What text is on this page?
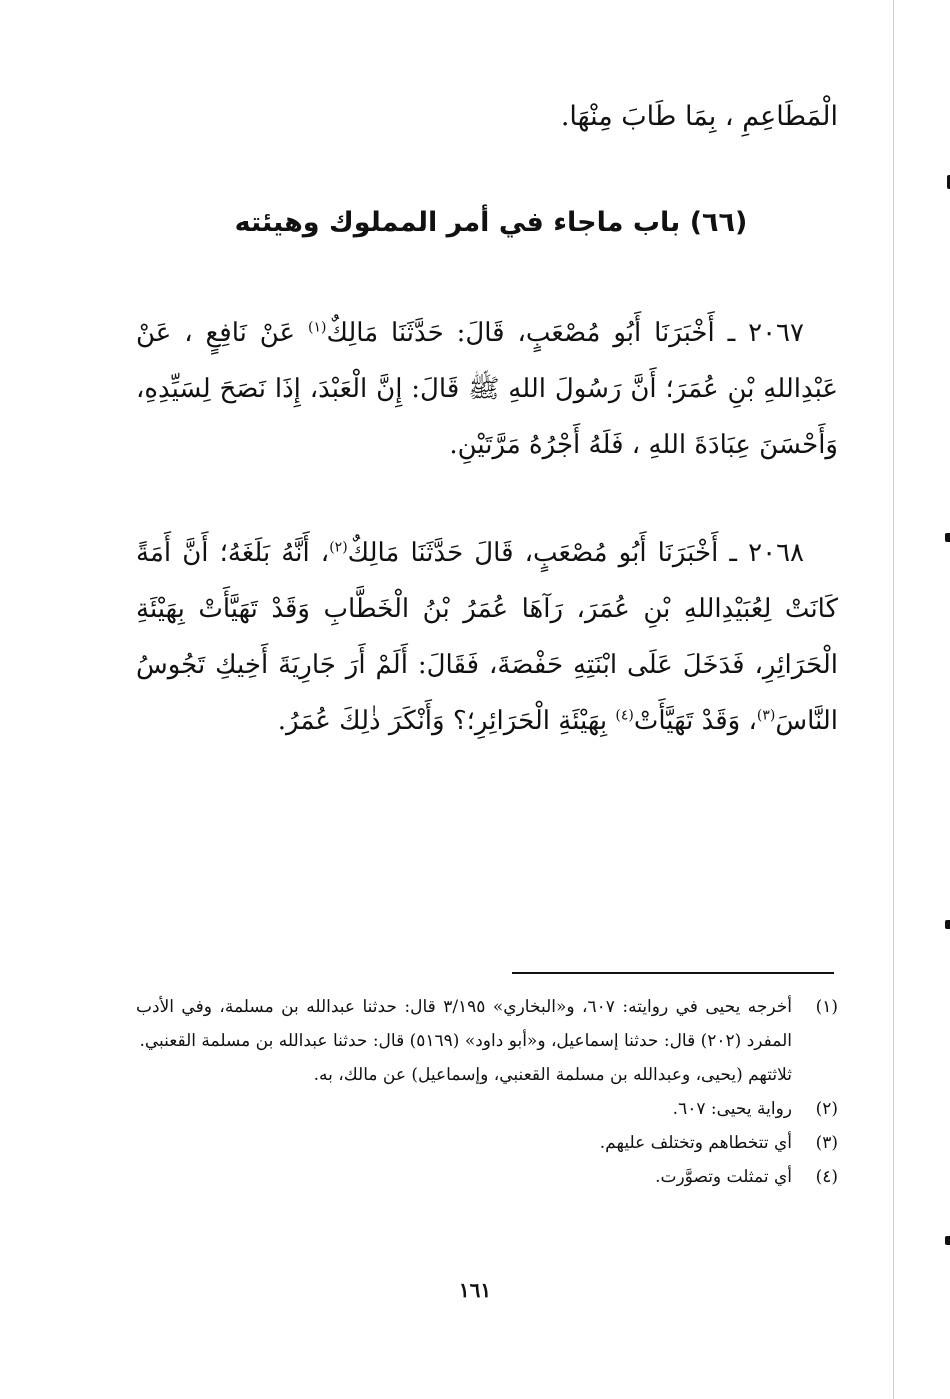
الْمَطَاعِمِ ، بِمَا طَابَ مِنْهَا.
(٦٦) باب ماجاء في أمر المملوك وهيئته

٢٠٦٧ ـ أَخْبَرَنَا أَبُو مُصْعَبٍ، قَالَ: حَدَّثَنَا مَالِكٌ$^{(١)}$ عَنْ نَافِعٍ ، عَنْ عَبْدِاللهِ بْنِ عُمَرَ؛ أَنَّ رَسُولَ اللهِ ﷺ قَالَ: إِنَّ الْعَبْدَ، إِذَا نَصَحَ لِسَيِّدِهِ، وَأَحْسَنَ عِبَادَةَ اللهِ ، فَلَهُ أَجْرُهُ مَرَّتَيْنِ.

٢٠٦٨ ـ أَخْبَرَنَا أَبُو مُصْعَبٍ، قَالَ حَدَّثَنَا مَالِكٌ$^{(٢)}$، أَنَّهُ بَلَغَهُ؛ أَنَّ أَمَةً كَانَتْ لِعُبَيْدِاللهِ بْنِ عُمَرَ، رَآهَا عُمَرُ بْنُ الْخَطَّابِ وَقَدْ تَهَيَّأَتْ بِهَيْئَةِ الْحَرَائِرِ، فَدَخَلَ عَلَى ابْنَتِهِ حَفْصَةَ، فَقَالَ: أَلَمْ أَرَ جَارِيَةَ أَخِيكِ تَجُوسُ النَّاسَ$^{(٣)}$، وَقَدْ تَهَيَّأَتْ$^{(٤)}$ بِهَيْئَةِ الْحَرَائِرِ؛؟ وَأَنْكَرَ ذٰلِكَ عُمَرُ.

(١)
أخرجه يحيى في روايته: ٦٠٧، و«البخاري» ٣/١٩٥ قال: حدثنا عبدالله بن مسلمة، وفي الأدب المفرد (٢٠٢) قال: حدثنا إسماعيل، و«أبو داود» (٥١٦٩) قال: حدثنا عبدالله بن مسلمة القعنبي.
ثلاثتهم (يحيى، وعبدالله بن مسلمة القعنبي، وإسماعيل) عن مالك، به.
(٢)
رواية يحيى: ٦٠٧.
(٣)
أي تتخطاهم وتختلف عليهم.
(٤)
أي تمثلت وتصوَّرت.
١٦١
